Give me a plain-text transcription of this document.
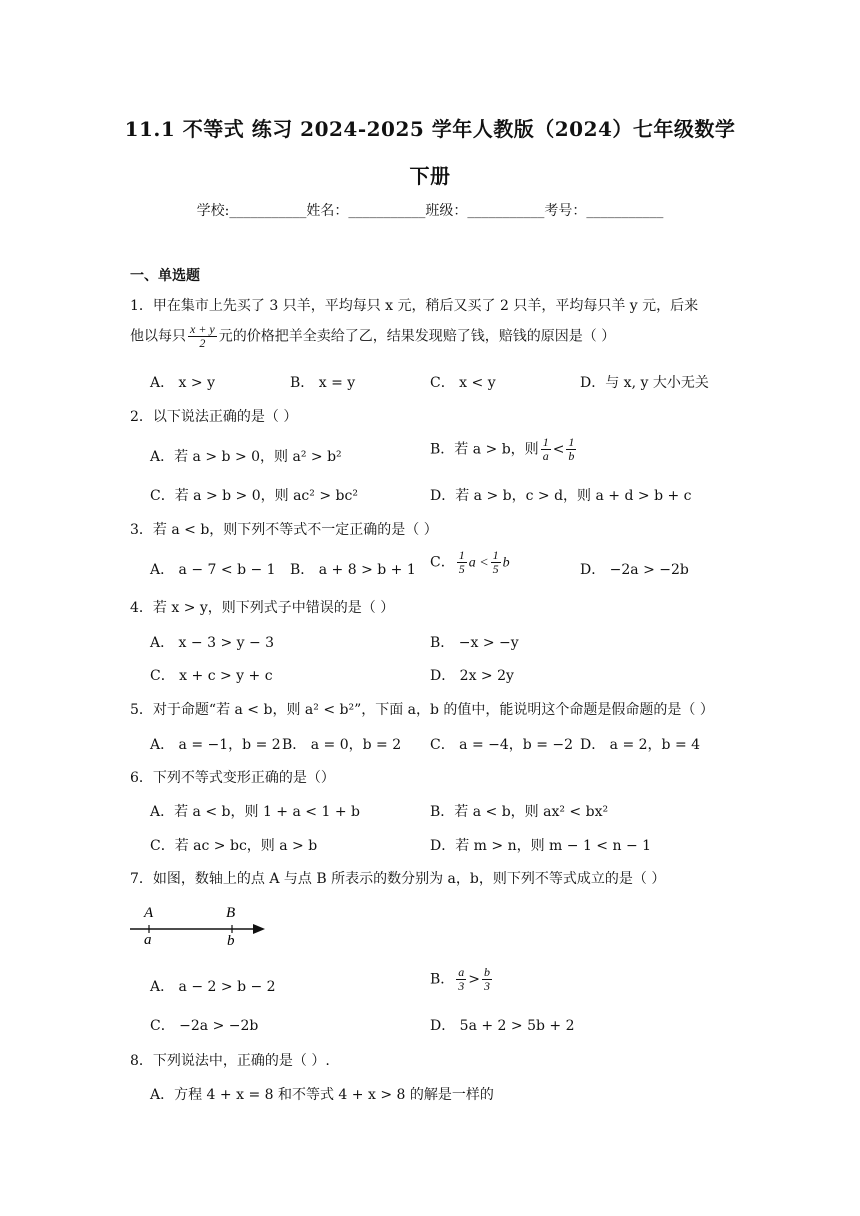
11.1 不等式 练习 2024-2025 学年人教版（2024）七年级数学
下册
学校:___________姓名：___________班级：___________考号：___________
一、单选题
1．甲在集市上先买了 3 只羊，平均每只 x 元，稍后又买了 2 只羊，平均每只羊 y 元，后来
他以每只 $\frac{x + y}{2}$ 元的价格把羊全卖给了乙，结果发现赔了钱，赔钱的原因是（ ）
A． x > y	B． x = y	C． x < y	D．与 x, y 大小无关
2．以下说法正确的是（ ）
A．若 a > b > 0，则 a² > b²	B．若 a > b，则 $\frac{1}{a} < \frac{1}{b}$
C．若 a > b > 0，则 ac² > bc²	D．若 a > b，c > d，则 a + d > b + c
3．若 a < b，则下列不等式不一定正确的是（ ）
A． a − 7 < b − 1 B． a + 8 > b + 1 C． $\frac{1}{5}$ $a < \frac{1}{5}$ b	D． −2a > −2b
4．若 x > y，则下列式子中错误的是（ ）
A． x − 3 > y − 3	B． −x > −y
C． x + c > y + c	D． 2x > 2y
5．对于命题“若 a < b，则 a² < b²”，下面 a，b 的值中，能说明这个命题是假命题的是（ ）
A． a = −1，b = 2 B． a = 0，b = 2 C． a = −4，b = −2 D． a = 2，b = 4
6．下列不等式变形正确的是（）
A．若 a < b，则 1 + a < 1 + b	B．若 a < b，则 ax² < bx²
C．若 ac > bc，则 a > b	D．若 m > n，则 m − 1 < n − 1
7．如图，数轴上的点 A 与点 B 所表示的数分别为 a，b，则下列不等式成立的是（ ）
A
a
B
b
A． a − 2 > b − 2	B． $\frac{a}{3} > \frac{b}{3}$
C． −2a > −2b	D． 5a + 2 > 5b + 2
8．下列说法中，正确的是（ ）.
A．方程 4 + x = 8 和不等式 4 + x > 8 的解是一样的
